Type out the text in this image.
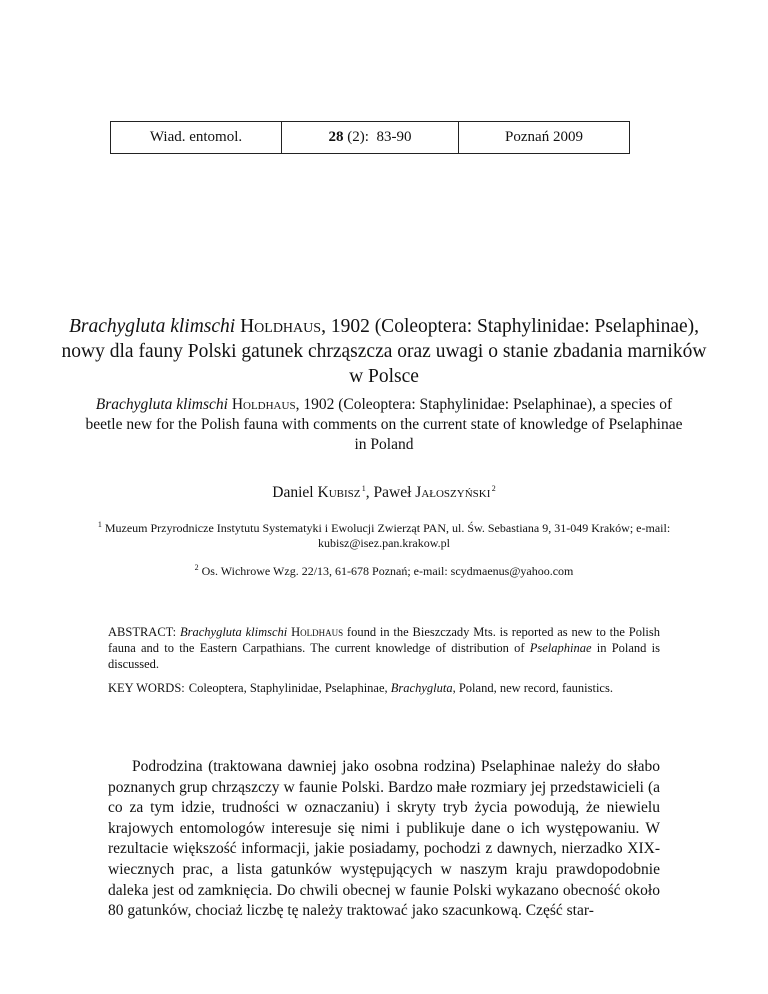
Wiad. entomol.	28 (2):  83-90	Poznań 2009
Brachygluta klimschi Holdhaus, 1902 (Coleoptera: Staphylinidae: Pselaphinae), nowy dla fauny Polski gatunek chrząszcza oraz uwagi o stanie zbadania marników w Polsce
Brachygluta klimschi Holdhaus, 1902 (Coleoptera: Staphylinidae: Pselaphinae), a species of beetle new for the Polish fauna with comments on the current state of knowledge of Pselaphinae in Poland
Daniel Kubisz $^1$, Paweł Jałoszyński $^2$
$^1$ Muzeum Przyrodnicze Instytutu Systematyki i Ewolucji Zwierząt PAN, ul. Św. Sebastiana 9, 31-049 Kraków; e-mail: kubisz@isez.pan.krakow.pl
$^2$ Os. Wichrowe Wzg. 22/13, 61-678 Poznań; e-mail: scydmaenus@yahoo.com
ABSTRACT: Brachygluta klimschi Holdhaus found in the Bieszczady Mts. is reported as new to the Polish fauna and to the Eastern Carpathians. The current knowledge of distribution of Pselaphinae in Poland is discussed.
KEY WORDS: Coleoptera, Staphylinidae, Pselaphinae, Brachygluta, Poland, new record, faunistics.
Podrodzina (traktowana dawniej jako osobna rodzina) Pselaphinae należy do słabo poznanych grup chrząszczy w faunie Polski. Bardzo małe rozmiary jej przedstawicieli (a co za tym idzie, trudności w oznaczaniu) i skryty tryb życia powodują, że niewielu krajowych entomologów interesuje się nimi i publikuje dane o ich występowaniu. W rezultacie większość informacji, jakie posiadamy, pochodzi z dawnych, nierzadko XIX-wiecznych prac, a lista gatunków występujących w naszym kraju prawdopodobnie daleka jest od zamknięcia. Do chwili obecnej w faunie Polski wykazano obecność około 80 gatunków, chociaż liczbę tę należy traktować jako szacunkową. Część star-
